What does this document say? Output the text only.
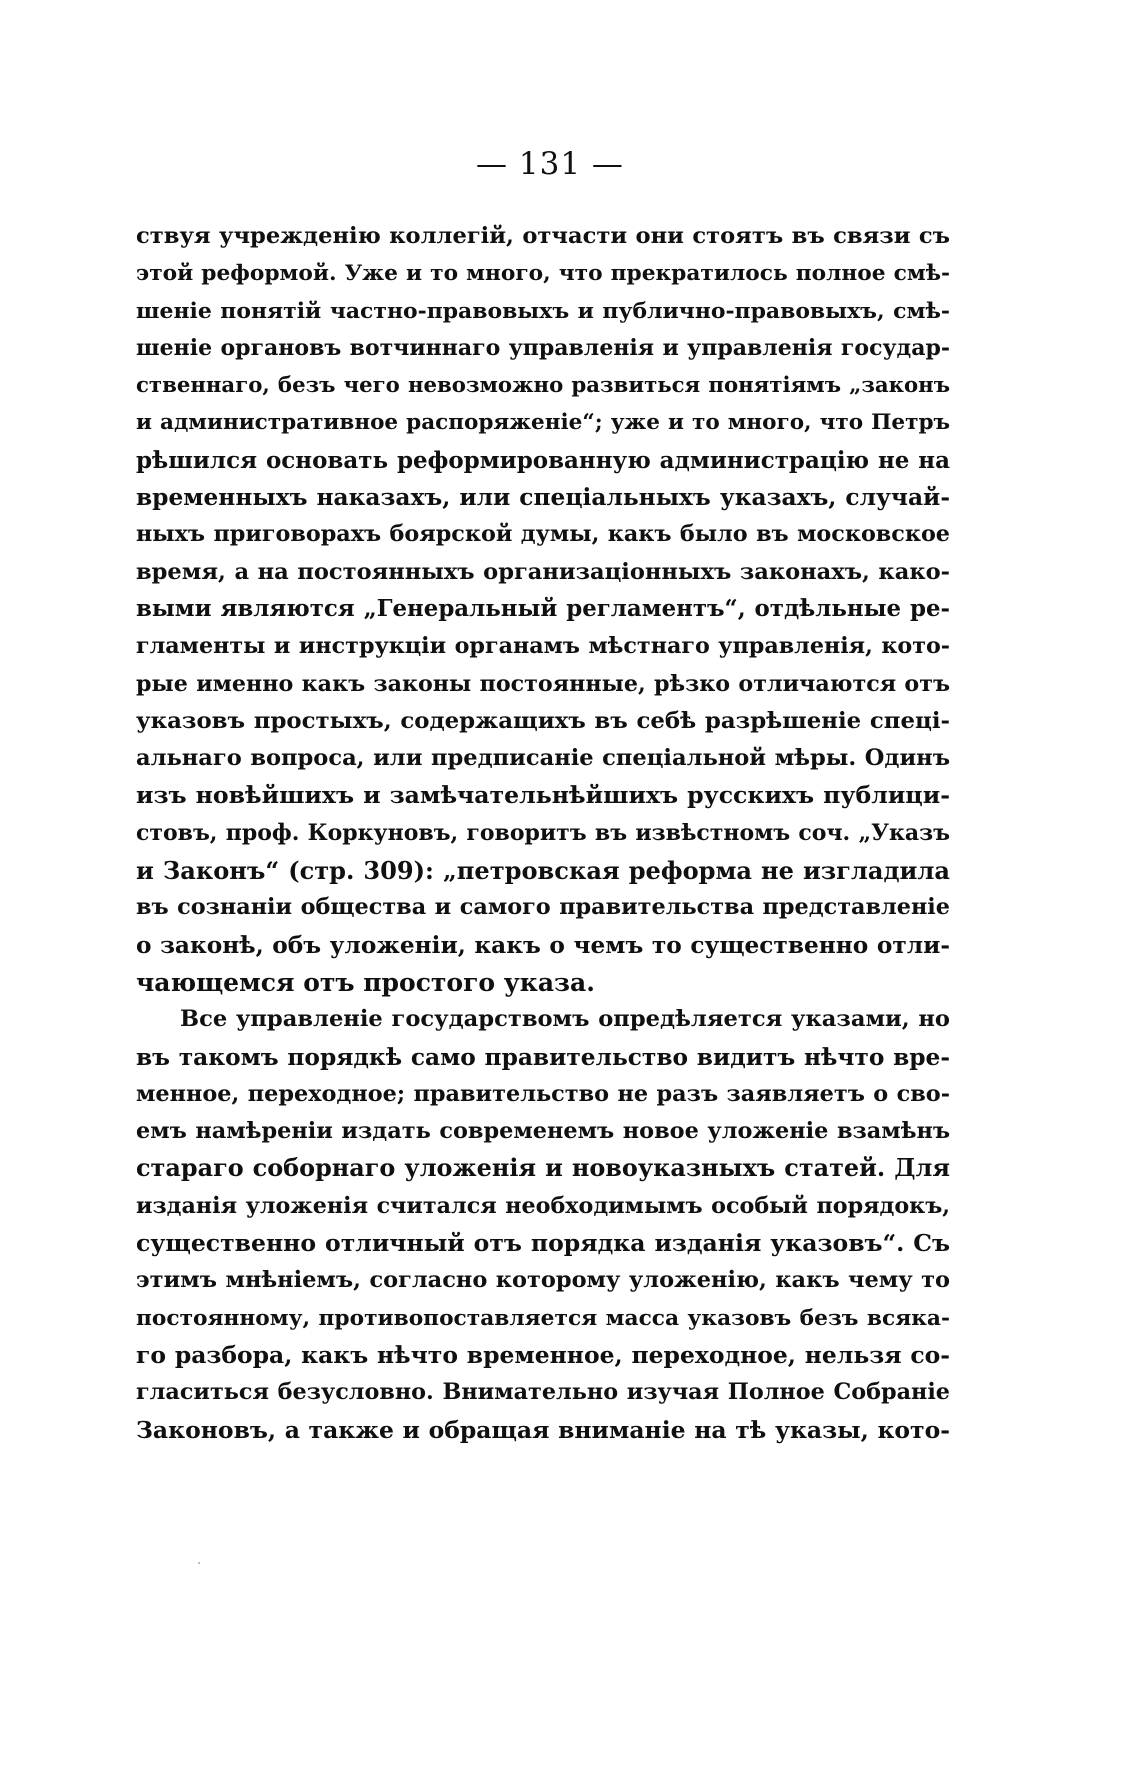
— 131 —
ствуя учрежденію коллегій, отчасти они стоятъ въ связи съ
этой реформой. Уже и то много, что прекратилось полное смѣ-
шеніе понятій частно-правовыхъ и публично-правовыхъ, смѣ-
шеніе органовъ вотчиннаго управленія и управленія государ-
ственнаго, безъ чего невозможно развиться понятіямъ „законъ
и административное распоряженіе“; уже и то много, что Петръ
рѣшился основать реформированную администрацію не на
временныхъ наказахъ, или спеціальныхъ указахъ, случай-
ныхъ приговорахъ боярской думы, какъ было въ московское
время, а на постоянныхъ организаціонныхъ законахъ, како-
выми являются „Генеральный регламентъ“, отдѣльные ре-
гламенты и инструкціи органамъ мѣстнаго управленія, кото-
рые именно какъ законы постоянные, рѣзко отличаются отъ
указовъ простыхъ, содержащихъ въ себѣ разрѣшеніе спеці-
альнаго вопроса, или предписаніе спеціальной мѣры. Одинъ
изъ новѣйшихъ и замѣчательнѣйшихъ русскихъ публици-
стовъ, проф. Коркуновъ, говоритъ въ извѣстномъ соч. „Указъ
и Законъ“ (стр. 309): „петровская реформа не изгладила
въ сознаніи общества и самого правительства представленіе
о законѣ, объ уложеніи, какъ о чемъ то существенно отли-
чающемся отъ простого указа.
Все управленіе государствомъ опредѣляется указами, но
въ такомъ порядкѣ само правительство видитъ нѣчто вре-
менное, переходное; правительство не разъ заявляетъ о сво-
емъ намѣреніи издать современемъ новое уложеніе взамѣнъ
стараго соборнаго уложенія и новоуказныхъ статей. Для
изданія уложенія считался необходимымъ особый порядокъ,
существенно отличный отъ порядка изданія указовъ“. Съ
этимъ мнѣніемъ, согласно которому уложенію, какъ чему то
постоянному, противопоставляется масса указовъ безъ всяка-
го разбора, какъ нѣчто временное, переходное, нельзя со-
гласиться безусловно. Внимательно изучая Полное Собраніе
Законовъ, а также и обращая вниманіе на тѣ указы, кото-
